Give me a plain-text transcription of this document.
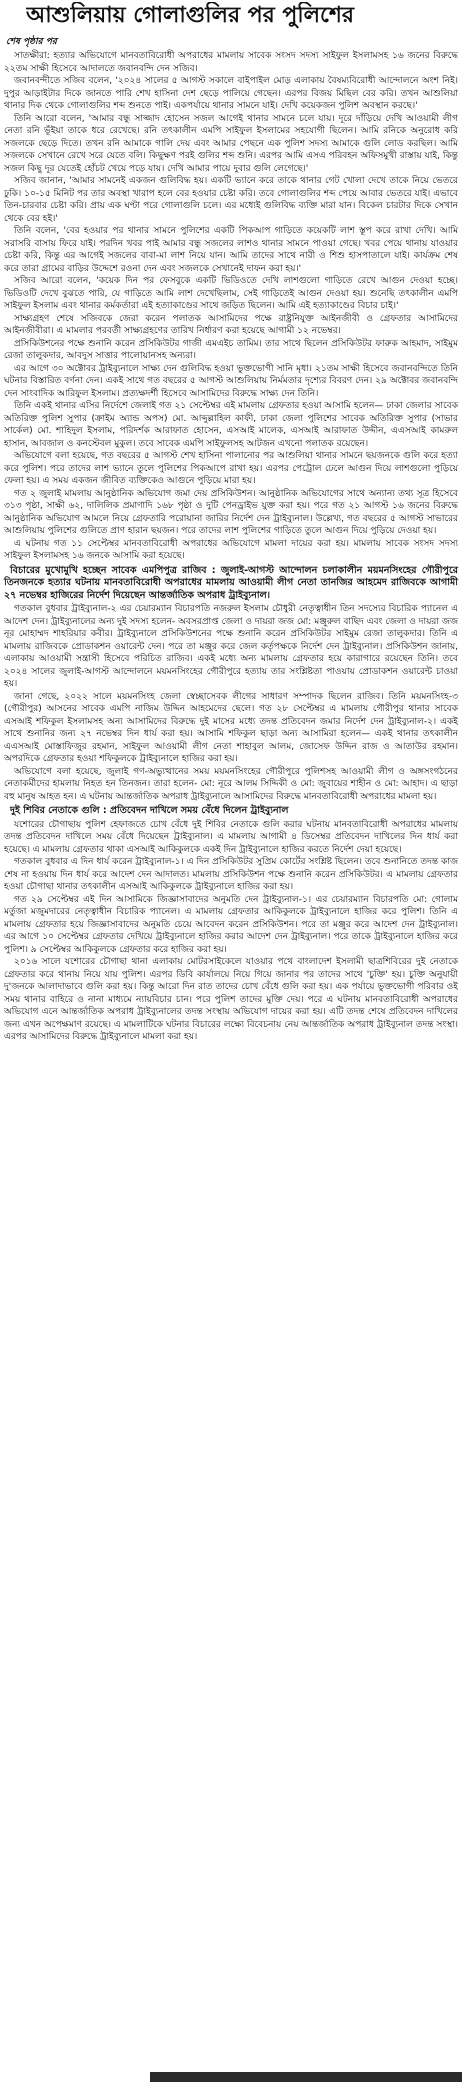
আশুলিয়ায় গোলাগুলির পর পুলিশের
শেষ পৃষ্ঠার পর

সাতক্ষীরা: হত্যার অভিযোগে মানবতাবিরোধী অপরাধের মামলায় সাবেক সংসদ সদস্য সাইফুল ইসলামসহ ১৬ জনের বিরুদ্ধে ২২তম সাক্ষী হিসেবে আদালতে জবানবন্দি দেন সজিব।

জবানবন্দীতে সজিব বলেন, '২০২৪ সালের ৫ আগস্ট সকালে বাইপাইল মোড় এলাকায় বৈষম্যবিরোধী আন্দোলনে অংশ নিই। দুপুর আড়াইটার দিকে জানতে পারি শেখ হাসিনা দেশ ছেড়ে পালিয়ে গেছেন। এরপর বিজয় মিছিল বের করি। তখন আশুলিয়া থানার দিক থেকে গোলাগুলির শব্দ শুনতে পাই। একপর্যায়ে থানার সামনে যাই। দেখি কয়েকজন পুলিশ অবস্থান করছে।'

তিনি আরো বলেন, 'আমার বন্ধু সাজ্জাদ হোসেন সজল আগেই থানার সামনে চলে যায়। দূরে দাঁড়িয়ে দেখি আওয়ামী লীগ নেতা রনি ভূঁইয়া তাকে ধরে রেখেছে। রনি তৎকালীন এমপি সাইফুল ইসলামের সহযোগী ছিলেন। আমি রনিকে অনুরোধ করি সজলকে ছেড়ে দিতে। তখন রনি আমাকে গালি দেয় এবং আমার পেছনে এক পুলিশ সদস্য আমাকে গুলি লোড করছিল। আমি সজলকে সেখানে রেখে সরে যেতে বলি। কিছুক্ষণ পরই গুলির শব্দ শুনি। এরপর আমি এসএ পরিবহন অফিসমুখী রাস্তায় যাই, কিন্তু সজল কিছু দূর যেতেই হোঁচট খেয়ে পড়ে যায়। দেখি আমার পায়ে দুবার গুলি লেগেছে।'

সজিব জানান, 'আমার সামনেই একজন গুলিবিদ্ধ হয়। একটি ভ্যানে করে তাকে থানার গেট খোলা দেখে তাকে নিয়ে ভেতরে ঢুকি। ১০-১৫ মিনিট পর তার অবস্থা খারাপ হলে বের হওয়ার চেষ্টা করি। তবে গোলাগুলির শব্দ পেয়ে আবার ভেতরে যাই। এভাবে তিন-চারবার চেষ্টা করি। প্রায় এক ঘণ্টা পরে গোলাগুলি চলে। এর মধ্যেই গুলিবিদ্ধ ব্যক্তি মারা যান। বিকেল চারটার দিকে সেখান থেকে বের হই।'

তিনি বলেন, 'বের হওয়ার পর থানার সামনে পুলিশের একটি পিকআপ গাড়িতে কয়েকটি লাশ স্তূপ করে রাখা দেখি। আমি সরাসরি বাসায় ফিরে যাই। পরদিন খবর পাই আমার বন্ধু সজলের লাশও থানার সামনে পাওয়া গেছে। খবর পেয়ে থানায় যাওয়ার চেষ্টা করি, কিন্তু এর আগেই সজলের বাবা-মা লাশ নিয়ে যান। আমি তাদের সাথে নারী ও শিশু হাসপাতালে যাই। কার্যক্রম শেষ করে তারা গ্রামের বাড়ির উদ্দেশে রওনা দেন এবং সজলকে সেখানেই দাফন করা হয়।'

সজিব আরো বলেন, 'কয়েক দিন পর ফেসবুকে একটি ভিডিওতে দেখি লাশগুলো গাড়িতে রেখে আগুন দেওয়া হচ্ছে। ভিডিওটি দেখে বুঝতে পারি, যে গাড়িতে আমি লাশ দেখেছিলাম, সেই গাড়িতেই আগুন দেওয়া হয়। শুনেছি তৎকালীন এমপি সাইফুল ইসলাম এবং থানার কর্মকর্তারা এই হত্যাকাণ্ডের সাথে জড়িত ছিলেন। আমি এই হত্যাকাণ্ডের বিচার চাই।'

সাক্ষ্যগ্রহণ শেষে সজিবকে জেরা করেন পলাতক আসামিদের পক্ষে রাষ্ট্রনিযুক্ত আইনজীবী ও গ্রেফতার আসামিদের আইনজীবীরা। এ মামলার পরবর্তী সাক্ষ্যগ্রহণের তারিখ নির্ধারণ করা হয়েছে আগামী ১২ নভেম্বর।

প্রসিকিউশনের পক্ষে শুনানি করেন প্রসিকিউটর গাজী এমএইচ তামিম। তার সাথে ছিলেন প্রসিকিউটর ফারুক আহমাদ, সাইমুম রেজা তালুকদার, আবদুস সাত্তার পালোয়ানসহ অন্যরা।

এর আগে ৩০ অক্টোবর ট্রাইব্যুনালে সাক্ষ্য দেন গুলিবিদ্ধ হওয়া ভুক্তভোগী সানি মৃধা। ২১তম সাক্ষী হিসেবে জবানবন্দিতে তিনি ঘটনার বিস্তারিত বর্ণনা দেন। একই সাথে গত বছরের ৫ আগস্ট আশুলিয়ায় নির্মমতার দৃশ্যের বিবরণ দেন। ২৯ অক্টোবর জবানবন্দি দেন সাংবাদিক আরিফুল ইসলাম। প্রত্যক্ষদর্শী হিসেবে আসামিদের বিরুদ্ধে সাক্ষ্য দেন তিনি।

তিনি একই থানার এসির নির্দেশে জেলাই গত ২১ সেপ্টেম্বর এই মামলায় গ্রেফতার হওয়া আসামি হলেন— ঢাকা জেলার সাবেক অতিরিক্ত পুলিশ সুপার (ক্রাইম অ্যান্ড অপস) মো. আব্দুল্লাহিল কাফী, ঢাকা জেলা পুলিশের সাবেক অতিরিক্ত সুপার (সাভার সার্কেল) মো. শাহিদুল ইসলাম, পরিদর্শক আরাফাত হোসেন, এসআই মালেক, এসআই আরাফাত উদ্দীন, এএসআই কামরুল হাসান, আবজাল ও কনস্টেবল মুকুল। তবে সাবেক এমপি সাইফুলসহ আটজন এখনো পলাতক রয়েছেন।

অভিযোগে বলা হয়েছে, গত বছরের ৫ আগস্ট শেখ হাসিনা পালানোর পর আশুলিয়া থানার সামনে ছয়জনকে গুলি করে হত্যা করে পুলিশ। পরে তাদের লাশ ভ্যানে তুলে পুলিশের পিকআপে রাখা হয়। এরপর পেট্রোল ঢেলে আগুন দিয়ে লাশগুলো পুড়িয়ে ফেলা হয়। এ সময় একজন জীবিত ব্যক্তিকেও আগুনে পুড়িয়ে মারা হয়।

গত ২ জুলাই মামলায় আনুষ্ঠানিক অভিযোগ জমা দেয় প্রসিকিউশন। আনুষ্ঠানিক অভিযোগের সাথে অন্যান্য তথ্য সূত্র হিসেবে ৩১৩ পৃষ্ঠা, সাক্ষী ৬২, দালিলিক প্রমাণাদি ১৬৮ পৃষ্ঠা ও দুটি পেনড্রাইভ যুক্ত করা হয়। পরে গত ২১ আগস্ট ১৬ জনের বিরুদ্ধে আনুষ্ঠানিক অভিযোগ আমলে নিয়ে গ্রেফতারি পরোয়ানা জারির নির্দেশ দেন ট্রাইব্যুনাল। উল্লেখ্য, গত বছরের ৫ আগস্ট সাভারের আশুলিয়ায় পুলিশের গুলিতে প্রাণ হারান ছয়জন। পরে তাদের লাশ পুলিশের গাড়িতে তুলে আগুন দিয়ে পুড়িয়ে দেওয়া হয়।

এ ঘটনায় গত ১১ সেপ্টেম্বর মানবতাবিরোধী অপরাধের অভিযোগে মামলা দায়ের করা হয়। মামলায় সাবেক সংসদ সদস্য সাইফুল ইসলামসহ ১৬ জনকে আসামি করা হয়েছে।

বিচারের মুখোমুখি হচ্ছেন সাবেক এমপিপুত্র রাজিব : জুলাই-আগস্ট আন্দোলন চলাকালীন ময়মনসিংহের গৌরীপুরে তিনজনকে হত্যার ঘটনায় মানবতাবিরোধী অপরাধের মামলায় আওয়ামী লীগ নেতা তানজির আহমেদ রাজিবকে আগামী ২৭ নভেম্বর হাজিরের নির্দেশ দিয়েছেন আন্তর্জাতিক অপরাধ ট্রাইব্যুনাল।

গতকাল বুধবার ট্রাইব্যুনাল-২ এর চেয়ারম্যান বিচারপতি নজরুল ইসলাম চৌধুরী নেতৃত্বাধীন তিন সদস্যের বিচারিক প্যানেল এ আদেশ দেন। ট্রাইব্যুনালের অন্য দুই সদস্য হলেন- অবসরপ্রাপ্ত জেলা ও দায়রা জজ মো: মঞ্জুরুল বাছিদ এবং জেলা ও দায়রা জজ নূর মোহাম্মদ শাহরিয়ার কবীর। ট্রাইব্যুনালে প্রসিকিউশনের পক্ষে শুনানি করেন প্রসিকিউটর সাইমুম রেজা তালুকদার। তিনি এ মামলায় রাজিবকে প্রোডাকশন ওয়ারেন্ট দেন। পরে তা মঞ্জুর করে জেল কর্তৃপক্ষকে নির্দেশ দেন ট্রাইব্যুনাল। প্রসিকিউশন জানায়, এলাকায় আওয়ামী সন্ত্রাসী হিসেবে পরিচিত রাজিব। একই মধ্যে অন্য মামলায় গ্রেফতার হয়ে কারাগারে রয়েছেন তিনি। তবে ২০২৪ সালের জুলাই-আগস্ট আন্দোলনে ময়মনসিংহের গৌরীপুরে হত্যায় তার সংশ্লিষ্টতা পাওয়ায় প্রোডাকশন ওয়ারেন্ট চাওয়া হয়।

জানা গেছে, ২০২২ সালে ময়মনসিংহ জেলা স্বেচ্ছাসেবক লীগের সাধারণ সম্পাদক ছিলেন রাজিব। তিনি ময়মনসিংহ-৩ (গৌরীপুর) আসনের সাবেক এমপি নাজিম উদ্দিন আহমেদের ছেলে। গত ২৮ সেপ্টেম্বর এ মামলায় গৌরীপুর থানার সাবেক এসআই শফিকুল ইসলামসহ অন্য আসামিদের বিরুদ্ধে দুই মাসের মধ্যে তদন্ত প্রতিবেদন জমার নির্দেশ দেন ট্রাইব্যুনাল-২। একই সাথে শুনানির জন্য ২৭ নভেম্বর দিন ধার্য করা হয়। আসামি শফিকুল ছাড়া অন্য আসামিরা হলেন— একই থানার তৎকালীন এএসআই মোস্তাফিজুর রহমান, সাইফুল আওয়ামী লীগ নেতা শাহাবুল আলম, জোসেফ উদ্দিন রাজ ও আতাউর রহমান। অপরদিকে গ্রেফতার হওয়া শফিকুলকে ট্রাইব্যুনালে হাজির করা হয়।

অভিযোগে বলা হয়েছে, জুলাই গণ-অভ্যুত্থানের সময় ময়মনসিংহের গৌরীপুরে পুলিশসহ আওয়ামী লীগ ও অঙ্গসংগঠনের নেতাকর্মীদের হামলায় নিহত হন তিনজন। তারা হলেন- মো: নূরে আলম সিদ্দিকী ও মো: জুবায়ের শাহীন ও মো: আহাদ। এ ছাড়া বহু মানুষ আহত হন। এ ঘটনায় আন্তর্জাতিক অপরাধ ট্রাইব্যুনালে আসামিদের বিরুদ্ধে মানবতাবিরোধী অপরাধের মামলা হয়।

দুই শিবির নেতাকে গুলি : প্রতিবেদন দাখিলে সময় বেঁধে দিলেন ট্রাইব্যুনাল

যশোরের চৌগাছায় পুলিশ হেফাজতে চোখ বেঁধে দুই শিবির নেতাকে গুলি করার ঘটনায় মানবতাবিরোধী অপরাধের মামলায় তদন্ত প্রতিবেদন দাখিলে সময় বেঁধে দিয়েছেন ট্রাইব্যুনাল। এ মামলায় আগামী ৪ ডিসেম্বর প্রতিবেদন দাখিলের দিন ধার্য করা হয়েছে। এ মামলায় গ্রেফতার থাকা এসআই আকিকুলকে একই দিন ট্রাইব্যুনালে হাজির করতে নির্দেশ দেয়া হয়েছে।

গতকাল বুধবার এ দিন ধার্য করেন ট্রাইব্যুনাল-১। এ দিন প্রসিকিউটর সুপ্রিম কোর্টের সংশ্লিষ্ট ছিলেন। তবে শুনানিতে তদন্ত কাজ শেষ না হওয়ায় দিন ধার্য করে আদেশ দেন আদালত। মামলায় প্রসিকিউশন পক্ষে শুনানি করেন প্রসিকিউটর। এ মামলায় গ্রেফতার হওয়া চৌগাছা থানার তৎকালীন এসআই আকিকুলকে ট্রাইব্যুনালে হাজির করা হয়।

গত ২৯ সেপ্টেম্বর এই দিন আসামিকে জিজ্ঞাসাবাদের অনুমতি দেন ট্রাইব্যুনাল-১। এর চেয়ারম্যান বিচারপতি মো: গোলাম মর্তুজা মজুমদারের নেতৃত্বাধীন বিচারিক প্যানেল। এ মামলায় গ্রেফতার আকিকুলকে ট্রাইব্যুনালে হাজির করে পুলিশ। তিনি এ মামলায় গ্রেফতার হয়ে জিজ্ঞাসাবাদের অনুমতি চেয়ে আবেদন করেন প্রসিকিউশন। পরে তা মঞ্জুর করে আদেশ দেন ট্রাইব্যুনাল। এর আগে ১০ সেপ্টেম্বর গ্রেফতার দেখিয়ে ট্রাইব্যুনালে হাজির করার আদেশ দেন ট্রাইব্যুনাল। পরে তাকে ট্রাইব্যুনালে হাজির করে পুলিশ। ৯ সেপ্টেম্বর আকিকুলকে গ্রেফতার করে হাজির করা হয়।

২০১৬ সালে যশোরের চৌগাছা থানা এলাকায় মোটরসাইকেলে যাওয়ার পথে বাংলাদেশ ইসলামী ছাত্রশিবিরের দুই নেতাকে গ্রেফতার করে থানায় নিয়ে যায় পুলিশ। এরপর ডিবি কার্যালয়ে নিয়ে গিয়ে জানার পর তাদের সাথে 'চুক্তি' হয়। চুক্তি অনুযায়ী দু'জনকে আলাদাভাবে গুলি করা হয়। কিন্তু আরো দিন রাত তাদের চোখ বেঁধে গুলি করা হয়। এক পর্যায়ে ভুক্তভোগী পরিবার ওই সময় থানার বাহিরে ও নানা মাধ্যমে ন্যায়বিচার চান। পরে পুলিশ তাদের মুক্তি দেয়। পরে এ ঘটনায় মানবতাবিরোধী অপরাধের অভিযোগ এনে আন্তর্জাতিক অপরাধ ট্রাইব্যুনালের তদন্ত সংস্থায় অভিযোগ দায়ের করা হয়। এটি তদন্ত শেষে প্রতিবেদন দাখিলের জন্য এখন অপেক্ষমাণ রয়েছে। এ মামলাটিকে ঘটনার বিচারের লক্ষ্যে বিবেচনায় নেয় আন্তর্জাতিক অপরাধ ট্রাইব্যুনাল তদন্ত সংস্থা। এরপর আসামিদের বিরুদ্ধে ট্রাইব্যুনালে মামলা করা হয়।
